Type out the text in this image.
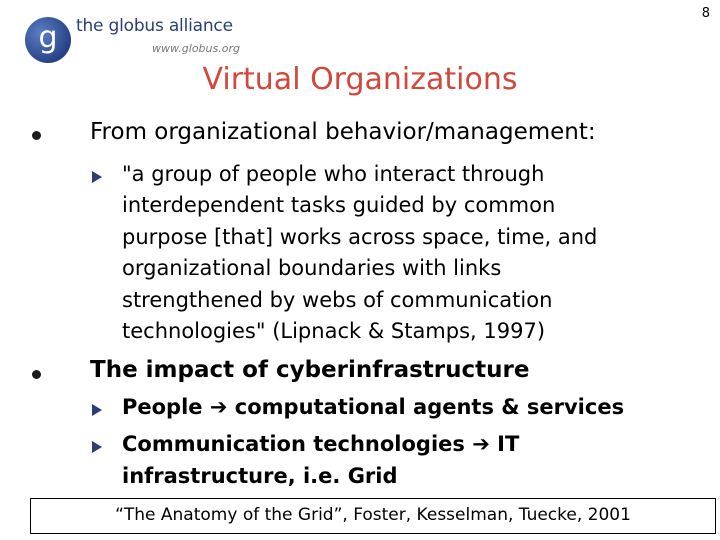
8
g the globus alliance
www.globus.org
Virtual Organizations
From organizational behavior/management:
"a group of people who interact through
interdependent tasks guided by common
purpose [that] works across space, time, and
organizational boundaries with links
strengthened by webs of communication
technologies" (Lipnack & Stamps, 1997)
The impact of cyberinfrastructure
People ➔ computational agents & services
Communication technologies ➔ IT
infrastructure, i.e. Grid
“The Anatomy of the Grid”, Foster, Kesselman, Tuecke, 2001
